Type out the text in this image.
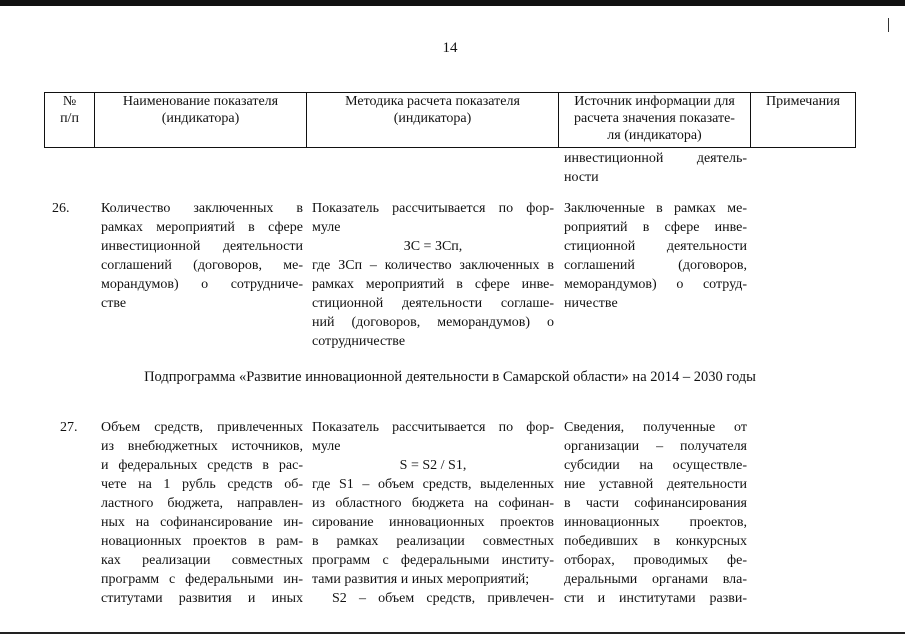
14
№
п/п
Наименование показателя
(индикатора)
Методика расчета показателя
(индикатора)
Источник информации для
расчета значения показате-
ля (индикатора)
Примечания
инвестиционной деятель-
ности
26. Количество заключенных в
рамках мероприятий в сфере
инвестиционной деятельности
соглашений (договоров, ме-
морандумов) о сотрудниче-
стве
Показатель рассчитывается по фор-
муле
ЗС = ЗСп,
где ЗСп – количество заключенных в
рамках мероприятий в сфере инве-
стиционной деятельности соглаше-
ний (договоров, меморандумов) о
сотрудничестве
Заключенные в рамках ме-
роприятий в сфере инве-
стиционной деятельности
соглашений (договоров,
меморандумов) о сотруд-
ничестве
Подпрограмма «Развитие инновационной деятельности в Самарской области» на 2014 – 2030 годы
27. Объем средств, привлеченных
из внебюджетных источников,
и федеральных средств в рас-
чете на 1 рубль средств об-
ластного бюджета, направлен-
ных на софинансирование ин-
новационных проектов в рам-
ках реализации совместных
программ с федеральными ин-
ститутами развития и иных
Показатель рассчитывается по фор-
муле
S = S2 / S1,
где S1 – объем средств, выделенных
из областного бюджета на софинан-
сирование инновационных проектов
в рамках реализации совместных
программ с федеральными институ-
тами развития и иных мероприятий;
S2 – объем средств, привлечен-
Сведения, полученные от
организации – получателя
субсидии на осуществле-
ние уставной деятельности
в части софинансирования
инновационных проектов,
победивших в конкурсных
отборах, проводимых фе-
деральными органами вла-
сти и институтами разви-
